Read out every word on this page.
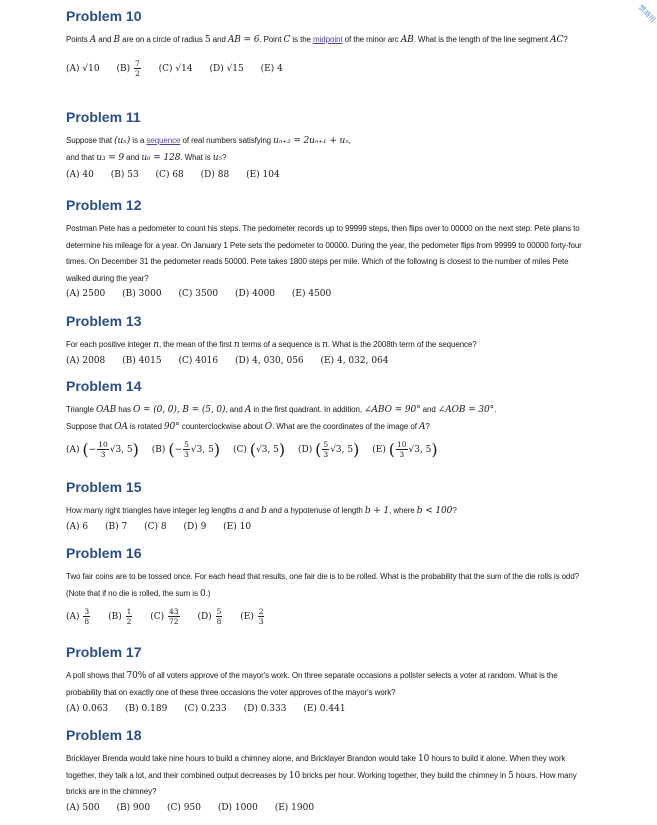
禁商用
Problem 10
Points A and B are on a circle of radius 5 and AB = 6. Point C is the midpoint of the minor arc AB. What is the length of the line segment AC?
(A) √10 $(B) \frac{7}{2} (C)$ √14 (D) √15 (E) 4
Problem 11
Suppose that (uₙ) is a sequence of real numbers satisfying uₙ₊₂ = 2uₙ₊₁ + uₙ,
and that u₃ = 9 and u₆ = 128. What is u₅?
(A) 40 (B) 53 (C) 68 (D) 88 (E) 104
Problem 12
Postman Pete has a pedometer to count his steps. The pedometer records up to 99999 steps, then flips over to 00000 on the next step. Pete plans to determine his mileage for a year. On January 1 Pete sets the pedometer to 00000. During the year, the pedometer flips from 99999 to 00000 forty-four times. On December 31 the pedometer reads 50000. Pete takes 1800 steps per mile. Which of the following is closest to the number of miles Pete walked during the year?
(A) 2500 (B) 3000 (C) 3500 (D) 4000 (E) 4500
Problem 13
For each positive integer n, the mean of the first n terms of a sequence is n. What is the 2008th term of the sequence?
(A) 2008 (B) 4015 (C) 4016 (D) 4, 030, 056 (E) 4, 032, 064
Problem 14
Triangle OAB has O = (0, 0), B = (5, 0), and A in the first quadrant. In addition, ∠ABO = 90° and ∠AOB = 30°.
Suppose that OA is rotated 90° counterclockwise about O. What are the coordinates of the image of A?
(A) (− $\frac{10}{3} √3$, 5) (B) (− $\frac{5}{3} √3$, 5) (C) (√3, 5) (D) ( $\frac{5}{3} √3$, 5) (E) ( $\frac{10}{3} √3$, 5)
Problem 15
How many right triangles have integer leg lengths a and b and a hypotenuse of length b + 1, where b < 100?
(A) 6 (B) 7 (C) 8 (D) 9 (E) 10
Problem 16
Two fair coins are to be tossed once. For each head that results, one fair die is to be rolled. What is the probability that the sum of the die rolls is odd? (Note that if no die is rolled, the sum is 0.)
$(A) \frac{3}{8} (B) \frac{1}{2} (C) \frac{43}{72} (D) \frac{5}{8} (E) \frac{2}{3}$
Problem 17
A poll shows that 70% of all voters approve of the mayor's work. On three separate occasions a pollster selects a voter at random. What is the probability that on exactly one of these three occasions the voter approves of the mayor's work?
(A) 0.063 (B) 0.189 (C) 0.233 (D) 0.333 (E) 0.441
Problem 18
Bricklayer Brenda would take nine hours to build a chimney alone, and Bricklayer Brandon would take 10 hours to build it alone. When they work together, they talk a lot, and their combined output decreases by 10 bricks per hour. Working together, they build the chimney in 5 hours. How many bricks are in the chimney?
(A) 500 (B) 900 (C) 950 (D) 1000 (E) 1900
